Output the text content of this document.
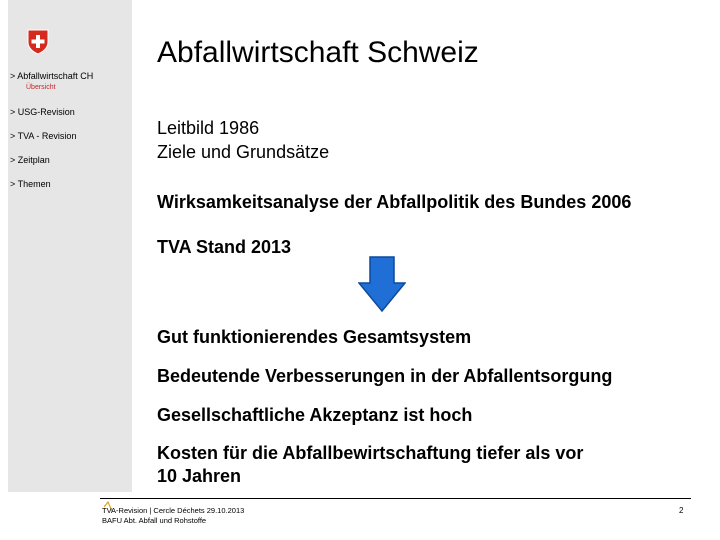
> Abfallwirtschaft CH
Übersicht
> USG-Revision
> TVA - Revision
> Zeitplan
> Themen
Abfallwirtschaft Schweiz
Leitbild 1986
Ziele und Grundsätze
Wirksamkeitsanalyse der Abfallpolitik des Bundes 2006
TVA Stand 2013
Gut funktionierendes Gesamtsystem
Bedeutende Verbesserungen in der Abfallentsorgung
Gesellschaftliche Akzeptanz ist hoch
Kosten für die Abfallbewirtschaftung tiefer als vor
10 Jahren
TVA-Revision | Cercle Déchets 29.10.2013
BAFU Abt. Abfall und Rohstoffe
2
